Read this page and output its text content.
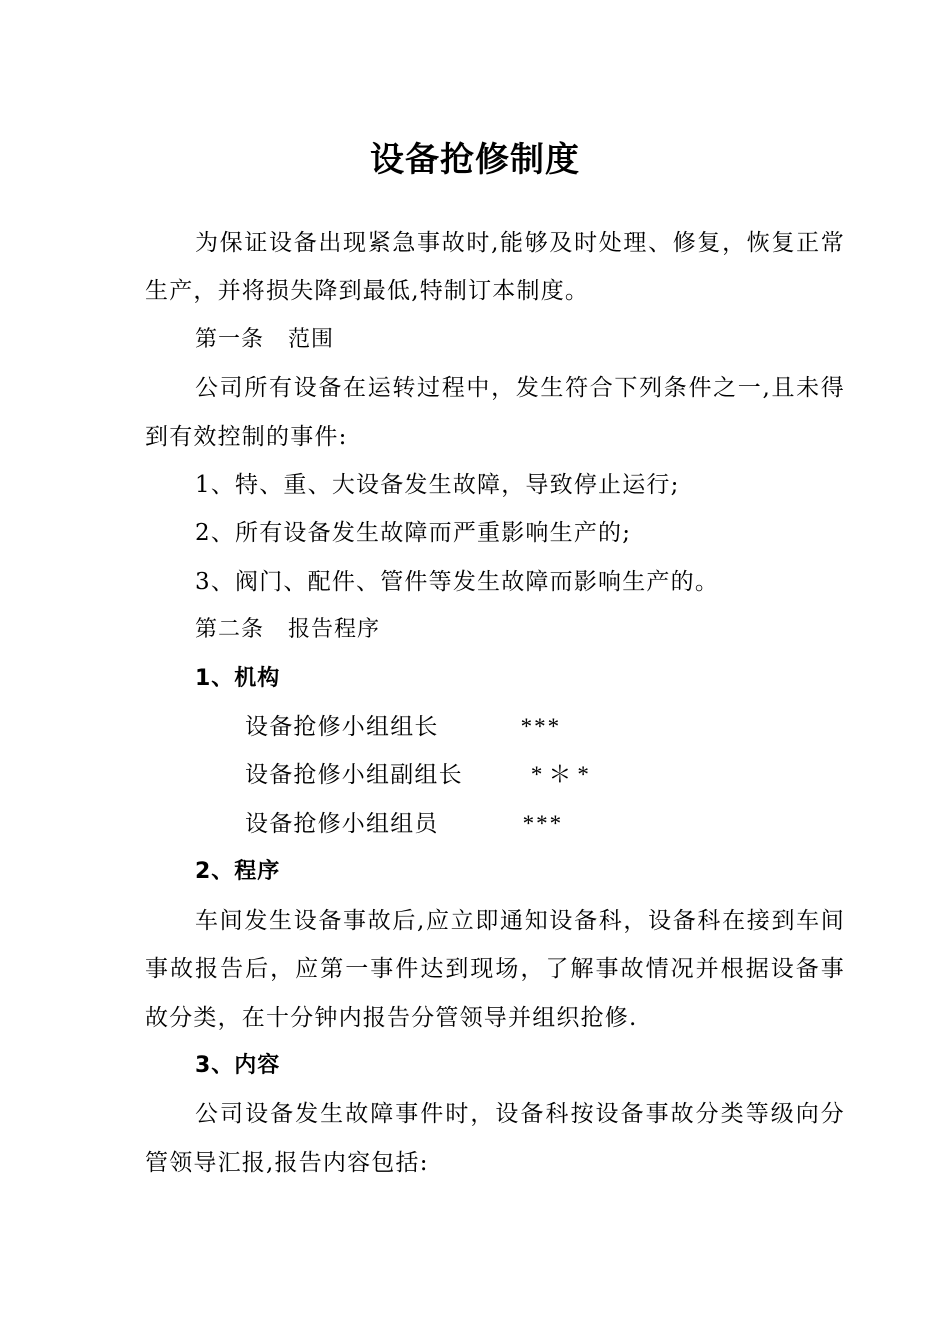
设备抢修制度

为保证设备出现紧急事故时,能够及时处理、修复，恢复正常生产，并将损失降到最低,特制订本制度。

第一条 范围

公司所有设备在运转过程中，发生符合下列条件之一,且未得到有效控制的事件:

1、特、重、大设备发生故障，导致停止运行;

2、所有设备发生故障而严重影响生产的;

3、阀门、配件、管件等发生故障而影响生产的。

第二条 报告程序

1、机构

设备抢修小组组长	***

设备抢修小组副组长	*＊*

设备抢修小组组员	***

2、程序

车间发生设备事故后,应立即通知设备科，设备科在接到车间事故报告后，应第一事件达到现场，了解事故情况并根据设备事故分类，在十分钟内报告分管领导并组织抢修.

3、内容

公司设备发生故障事件时，设备科按设备事故分类等级向分管领导汇报,报告内容包括:
